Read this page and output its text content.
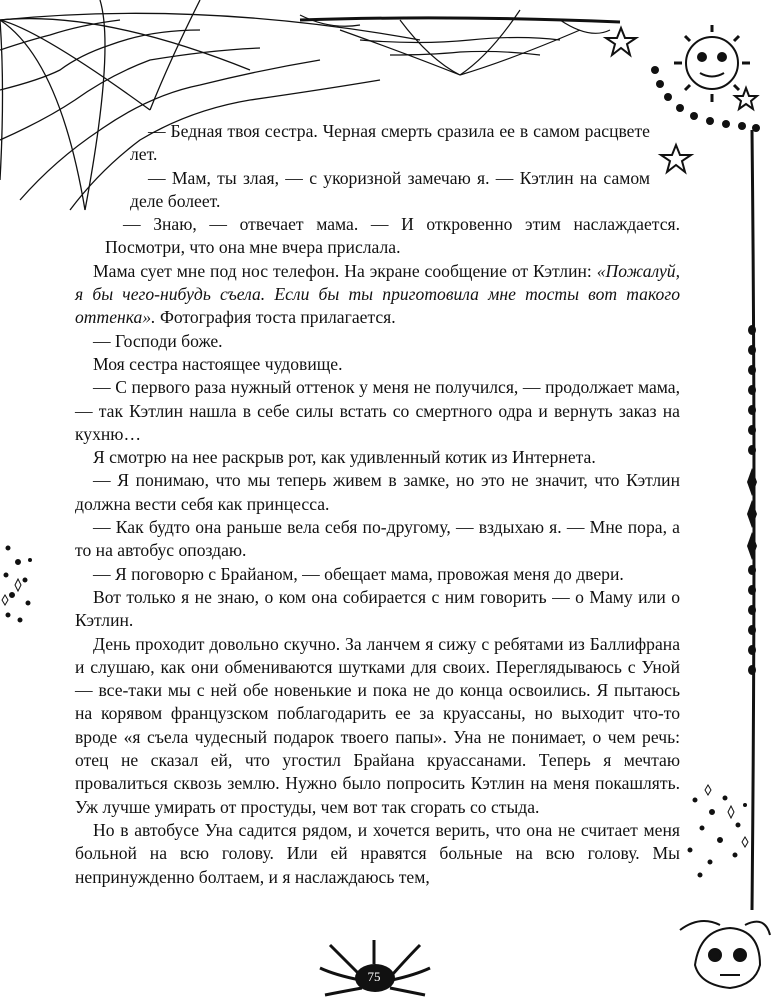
— Бедная твоя сестра. Черная смерть сразила ее в самом расцвете лет.

— Мам, ты злая, — с укоризной замечаю я. — Кэтлин на самом деле болеет.

— Знаю, — отвечает мама. — И откровенно этим наслаждается. Посмотри, что она мне вчера прислала.

Мама сует мне под нос телефон. На экране сообщение от Кэтлин: «Пожалуй, я бы чего-нибудь съела. Если бы ты приготовила мне тосты вот такого оттенка». Фотография тоста прилагается.

— Господи боже.

Моя сестра настоящее чудовище.

— С первого раза нужный оттенок у меня не получился, — продолжает мама, — так Кэтлин нашла в себе силы встать со смертного одра и вернуть заказ на кухню…

Я смотрю на нее раскрыв рот, как удивленный котик из Интернета.

— Я понимаю, что мы теперь живем в замке, но это не значит, что Кэтлин должна вести себя как принцесса.

— Как будто она раньше вела себя по-другому, — вздыхаю я. — Мне пора, а то на автобус опоздаю.

— Я поговорю с Брайаном, — обещает мама, провожая меня до двери.

Вот только я не знаю, о ком она собирается с ним говорить — о Маму или о Кэтлин.

День проходит довольно скучно. За ланчем я сижу с ребятами из Баллифрана и слушаю, как они обмениваются шутками для своих. Переглядываюсь с Уной — все-таки мы с ней обе новенькие и пока не до конца освоились. Я пытаюсь на корявом французском поблагодарить ее за круассаны, но выходит что-то вроде «я съела чудесный подарок твоего папы». Уна не понимает, о чем речь: отец не сказал ей, что угостил Брайана круассанами. Теперь я мечтаю провалиться сквозь землю. Нужно было попросить Кэтлин на меня покашлять. Уж лучше умирать от простуды, чем вот так сгорать со стыда.

Но в автобусе Уна садится рядом, и хочется верить, что она не считает меня больной на всю голову. Или ей нравятся больные на всю голову. Мы непринужденно болтаем, и я наслаждаюсь тем,

75
